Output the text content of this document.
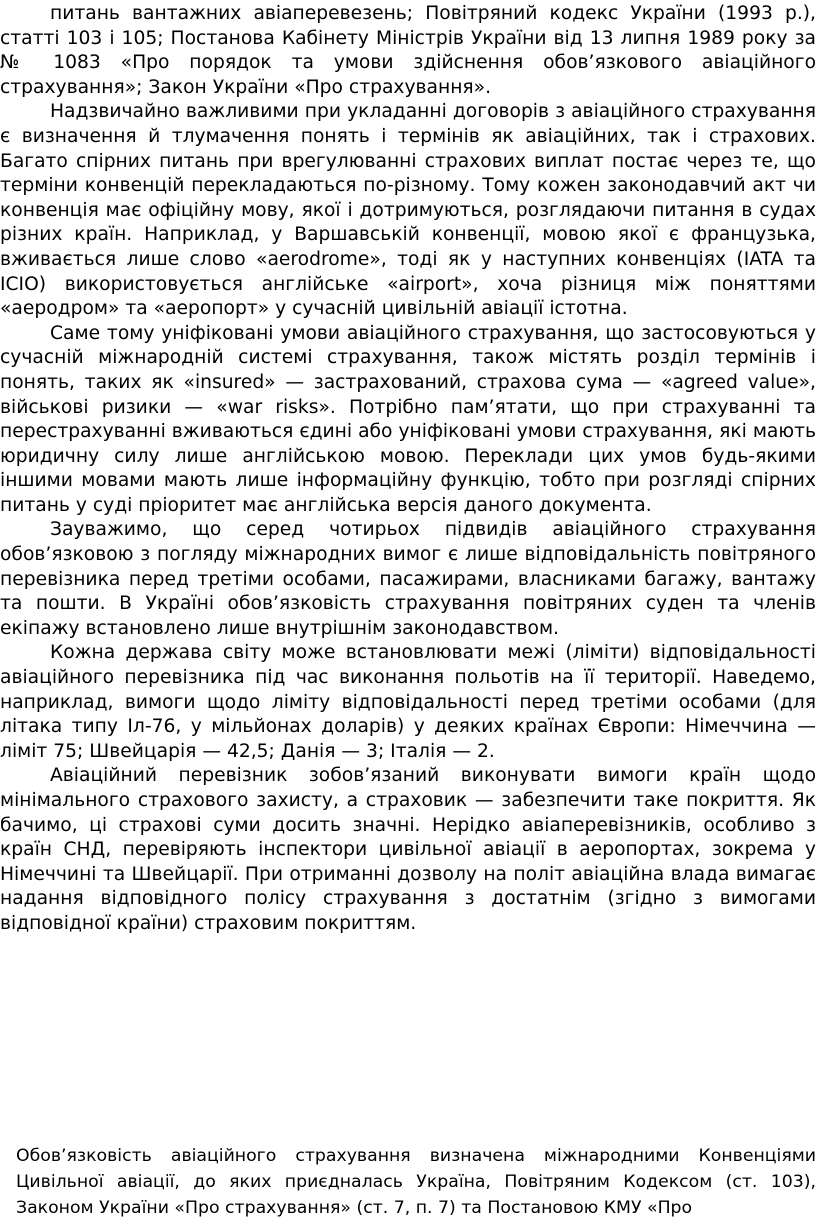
питань вантажних авіаперевезень; Повітряний кодекс України (1993 р.), статті 103 і 105; Постанова Кабінету Міністрів України від 13 липня 1989 року за № 1083 «Про порядок та умови здійснення обов’язкового авіаційного страхування»; Закон України «Про страхування».

Надзвичайно важливими при укладанні договорів з авіаційного страхування є визначення й тлумачення понять і термінів як авіаційних, так і страхових. Багато спірних питань при врегулюванні страхових виплат постає через те, що терміни конвенцій перекладаються по-різному. Тому кожен законодавчий акт чи конвенція має офіційну мову, якої і дотримуються, розглядаючи питання в судах різних країн. Наприклад, у Варшавській конвенції, мовою якої є французька, вживається лише слово «aerodrome», тоді як у наступних конвенціях (IATA та ICIO) використовується англійське «airport», хоча різниця між поняттями «аеродром» та «аеропорт» у сучасній цивільній авіації істотна.

Саме тому уніфіковані умови авіаційного страхування, що застосовуються у сучасній міжнародній системі страхування, також містять розділ термінів і понять, таких як «insured» — застрахований, страхова сума — «agreed value», військові ризики — «war risks». Потрібно пам’ятати, що при страхуванні та перестрахуванні вживаються єдині або уніфіковані умови страхування, які мають юридичну силу лише англійською мовою. Переклади цих умов будь-якими іншими мовами мають лише інформаційну функцію, тобто при розгляді спірних питань у суді пріоритет має англійська версія даного документа.

Зауважимо, що серед чотирьох підвидів авіаційного страхування обов’язковою з погляду міжнародних вимог є лише відповідальність повітряного перевізника перед третіми особами, пасажирами, власниками багажу, вантажу та пошти. В Україні обов’язковість страхування повітряних суден та членів екіпажу встановлено лише внутрішнім законодавством.

Кожна держава світу може встановлювати межі (ліміти) відповідальності авіаційного перевізника під час виконання польотів на її території. Наведемо, наприклад, вимоги щодо ліміту відповідальності перед третіми особами (для літака типу Іл-76, у мільйонах доларів) у деяких країнах Європи: Німеччина — ліміт 75; Швейцарія — 42,5; Данія — 3; Італія — 2.

Авіаційний перевізник зобов’язаний виконувати вимоги країн щодо мінімального страхового захисту, а страховик — забезпечити таке покриття. Як бачимо, ці страхові суми досить значні. Нерідко авіаперевізників, особливо з країн СНД, перевіряють інспектори цивільної авіації в аеропортах, зокрема у Німеччині та Швейцарії. При отриманні дозволу на політ авіаційна влада вимагає надання відповідного полісу страхування з достатнім (згідно з вимогами відповідної країни) страховим покриттям.

Обов’язковість авіаційного страхування визначена міжнародними Конвенціями Цивільної авіації, до яких приєдналась Україна, Повітряним Кодексом (ст. 103), Законом України «Про страхування» (ст. 7, п. 7) та Постановою КМУ «Про
